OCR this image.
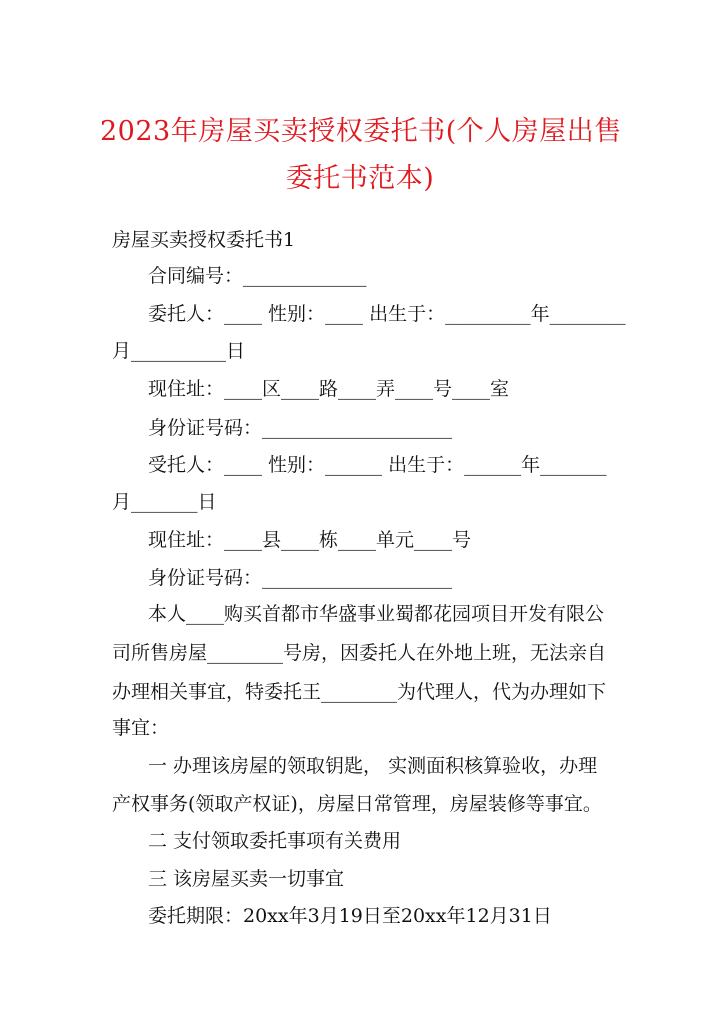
2023年房屋买卖授权委托书(个人房屋出售
委托书范本)
房屋买卖授权委托书1
合同编号：_____________
委托人：____ 性别：____ 出生于：_________年________
月__________日
现住址：____区____路____弄____号____室
身份证号码：____________________
受托人：____ 性别：______ 出生于：______年_______
月_______日
现住址：____县____栋____单元____号
身份证号码：____________________
本人____购买首都市华盛事业蜀都花园项目开发有限公
司所售房屋________号房，因委托人在外地上班，无法亲自
办理相关事宜，特委托王________为代理人，代为办理如下
事宜：
一 办理该房屋的领取钥匙， 实测面积核算验收，办理
产权事务(领取产权证)，房屋日常管理，房屋装修等事宜。
二 支付领取委托事项有关费用
三 该房屋买卖一切事宜
委托期限：20xx年3月19日至20xx年12月31日
